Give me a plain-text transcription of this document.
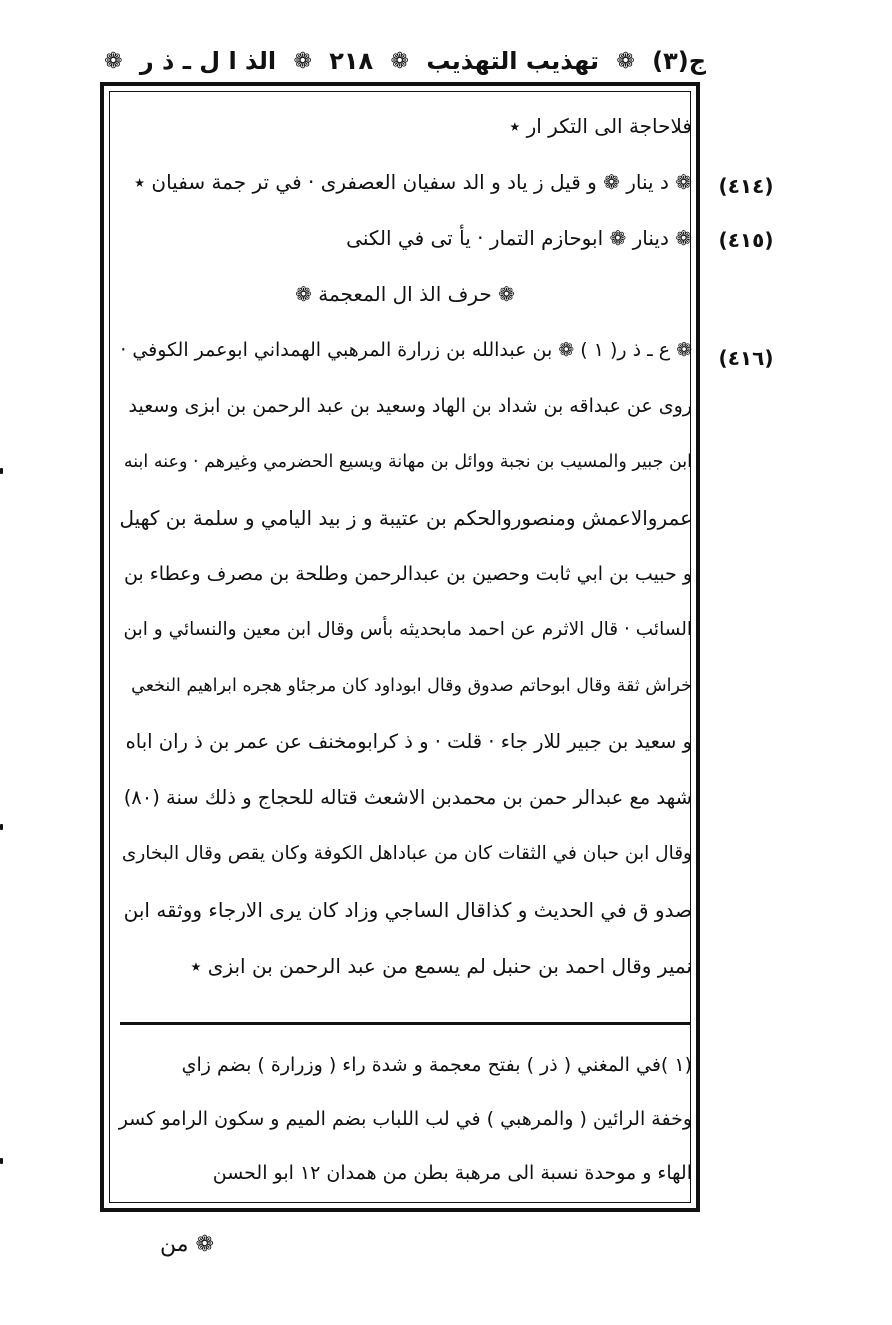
ج(٣)
❁
تهذيب التهذيب
❁
٢١٨
❁
الذ ا ل ـ ذ ر
❁
(٤١٤)
(٤١٥)
(٤١٦)
فلاحاجة الى التكر ار ٭
❁ د ينار ❁ و قيل ز ياد و الد سفيان العصفرى · في تر جمة سفيان ٭
❁ دينار ❁ ابوحازم التمار · يأ تى في الكنى
❁ حرف الذ ال المعجمة ❁
❁ ع ـ ذ ر( ١ ) ❁ بن عبدالله بن زرارة المرهبي الهمداني ابوعمر الكوفي ·
روى عن عبداقه بن شداد بن الهاد وسعيد بن عبد الرحمن بن ابزى وسعيد
ابن جبير والمسيب بن نجبة ووائل بن مهانة ويسيع الحضرمي وغيرهم · وعنه ابنه
عمروالاعمش ومنصوروالحكم بن عتيبة و ز بيد اليامي و سلمة بن كهيل
و حبيب بن ابي ثابت وحصين بن عبدالرحمن وطلحة بن مصرف وعطاء بن
السائب · قال الاثرم عن احمد مابحديثه بأس وقال ابن معين والنسائي و ابن
خراش ثقة وقال ابوحاتم صدوق وقال ابوداود كان مرجئاو هجره ابراهيم النخعي
و سعيد بن جبير للار جاء · قلت · و ذ كرابومخنف عن عمر بن ذ ران اباه
شهد مع عبدالر حمن بن محمدبن الاشعث قتاله للحجاج و ذلك سنة (٨٠)
وقال ابن حبان في الثقات كان من عباداهل الكوفة وكان يقص وقال البخارى
صدو ق في الحديث و كذاقال الساجي وزاد كان يرى الارجاء ووثقه ابن
نمير وقال احمد بن حنبل لم يسمع من عبد الرحمن بن ابزى ٭
(١ )في المغني ( ذر ) بفتح معجمة و شدة راء ( وزرارة ) بضم زاي
وخفة الرائين ( والمرهبي ) في لب اللباب بضم الميم و سكون الرامو كسر
الهاء و موحدة نسبة الى مرهبة بطن من همدان ١٢ ابو الحسن
❁ من
